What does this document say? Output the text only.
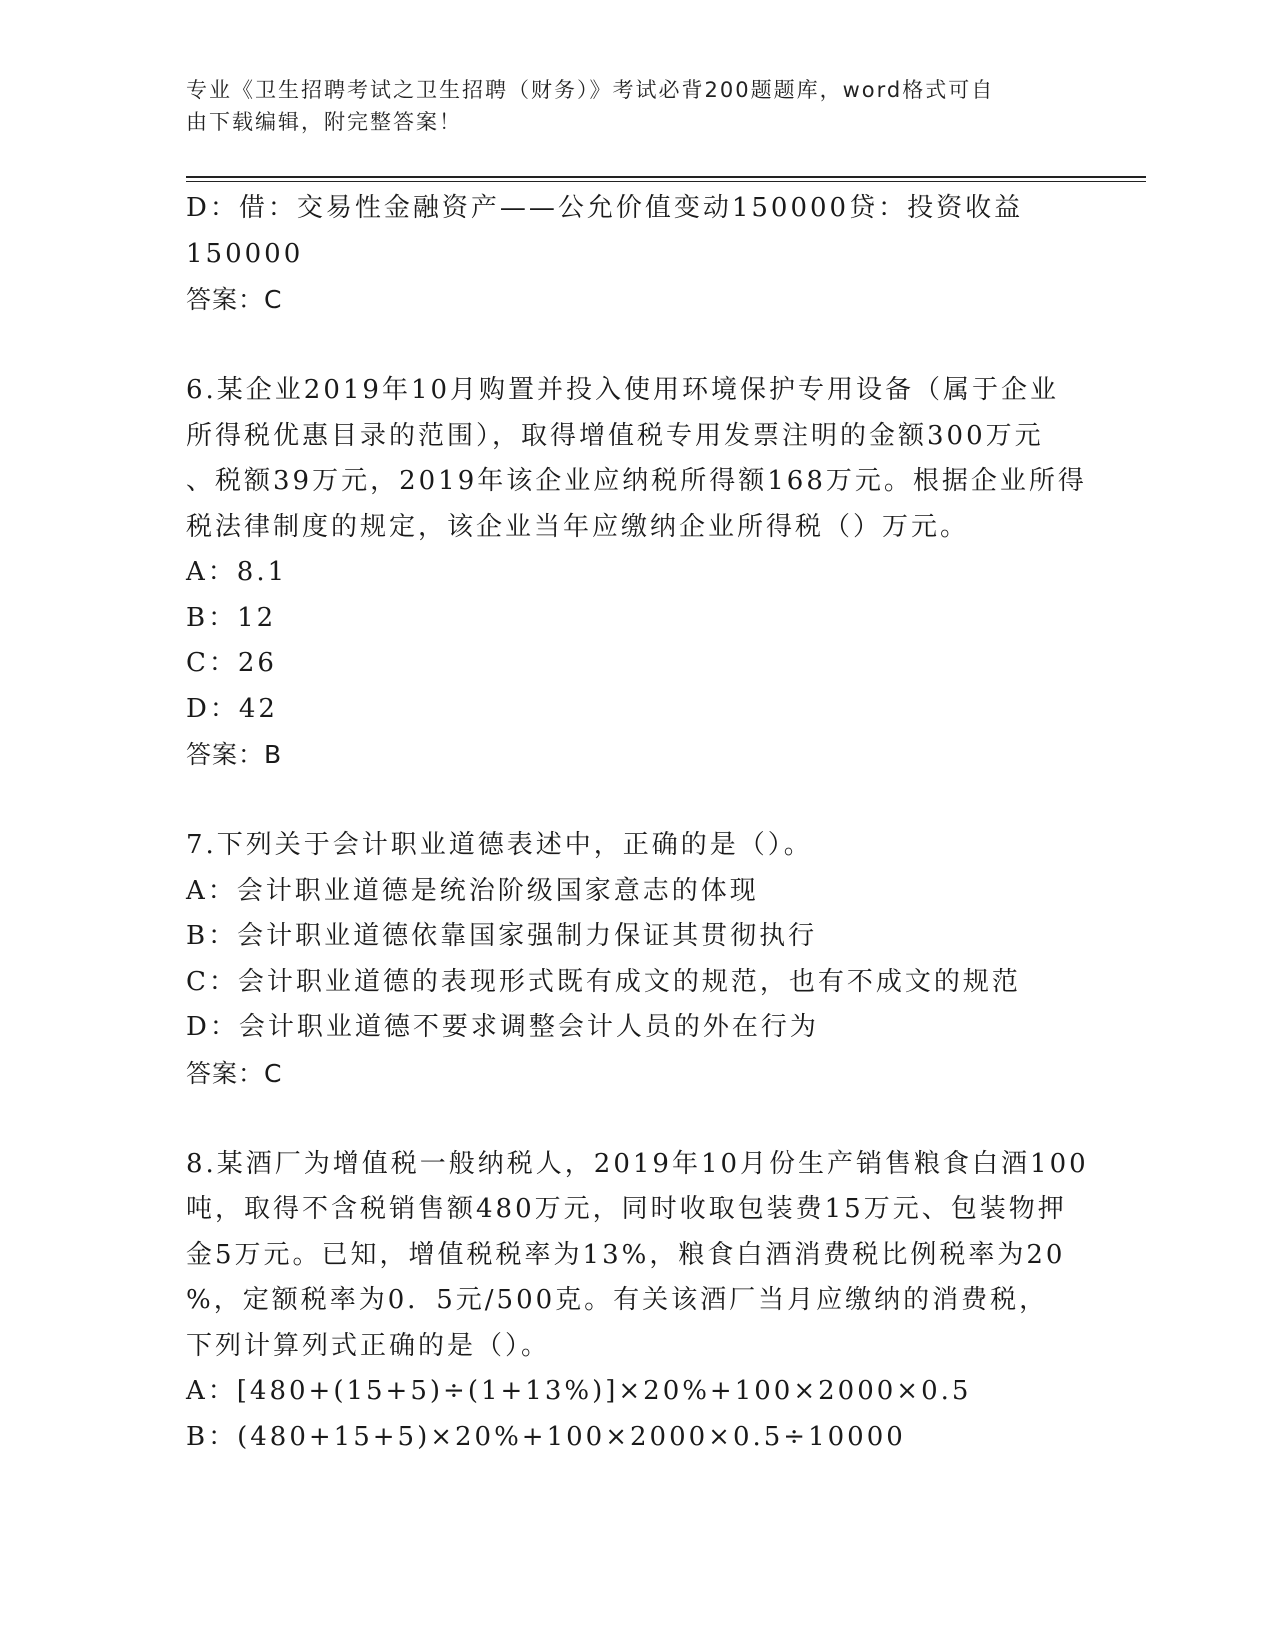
专业《卫生招聘考试之卫生招聘（财务）》考试必背200题题库，word格式可自
由下载编辑，附完整答案！
D：借：交易性金融资产——公允价值变动150000贷：投资收益
150000
答案：C
6.某企业2019年10月购置并投入使用环境保护专用设备（属于企业
所得税优惠目录的范围），取得增值税专用发票注明的金额300万元
、税额39万元，2019年该企业应纳税所得额168万元。根据企业所得
税法律制度的规定，该企业当年应缴纳企业所得税（）万元。
A：8.1
B：12
C：26
D：42
答案：B
7.下列关于会计职业道德表述中，正确的是（）。
A：会计职业道德是统治阶级国家意志的体现
B：会计职业道德依靠国家强制力保证其贯彻执行
C：会计职业道德的表现形式既有成文的规范，也有不成文的规范
D：会计职业道德不要求调整会计人员的外在行为
答案：C
8.某酒厂为增值税一般纳税人，2019年10月份生产销售粮食白酒100
吨，取得不含税销售额480万元，同时收取包装费15万元、包装物押
金5万元。已知，增值税税率为13%，粮食白酒消费税比例税率为20
%，定额税率为0．5元/500克。有关该酒厂当月应缴纳的消费税，
下列计算列式正确的是（）。
A：[480+(15+5)÷(1+13%)]×20%+100×2000×0.5
B：(480+15+5)×20%+100×2000×0.5÷10000
